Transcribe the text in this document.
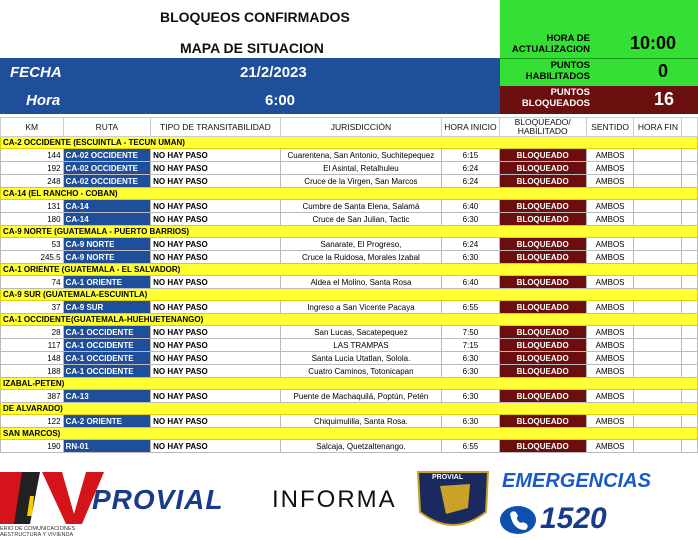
BLOQUEOS CONFIRMADOS
MAPA DE SITUACION
HORA DE ACTUALIZACION 10:00
FECHA	21/2/2023	PUNTOS HABILITADOS	0
Hora	6:00	PUNTOS BLOQUEADOS	16
KM	RUTA	TIPO DE TRANSITABILIDAD	JURISDICCIÓN	HORA INICIO	BLOQUEADO/ HABILITADO	SENTIDO	HORA FIN	
CA-2 OCCIDENTE (ESCUINTLA - TECUN UMAN)								
144	CA-02 OCCIDENTE	NO HAY PASO	Cuarentena, San Antonio, Suchitepequez	6:15	BLOQUEADO	AMBOS		
192	CA-02 OCCIDENTE	NO HAY PASO	El Asintal, Retalhuleu	6:24	BLOQUEADO	AMBOS		
248	CA-02 OCCIDENTE	NO HAY PASO	Cruce de la Virgen, San Marcos	6:24	BLOQUEADO	AMBOS		
CA-14 (EL RANCHO - COBAN)								
131	CA-14	NO HAY PASO	Cumbre de Santa Elena, Salamá	6:40	BLOQUEADO	AMBOS		
180	CA-14	NO HAY PASO	Cruce de San Julian, Tactic	6:30	BLOQUEADO	AMBOS		
CA-9 NORTE (GUATEMALA - PUERTO BARRIOS)								
53	CA-9 NORTE	NO HAY PASO	Sanarate, El Progreso,	6:24	BLOQUEADO	AMBOS		
245.5	CA-9 NORTE	NO HAY PASO	Cruce la Ruidosa, Morales Izabal	6:30	BLOQUEADO	AMBOS		
CA-1 ORIENTE (GUATEMALA - EL SALVADOR)								
74	CA-1 ORIENTE	NO HAY PASO	Aldea el Molino, Santa Rosa	6:40	BLOQUEADO	AMBOS		
CA-9 SUR (GUATEMALA-ESCUINTLA)								
37	CA-9 SUR	NO HAY PASO	Ingreso a San Vicente Pacaya	6:55	BLOQUEADO	AMBOS		
CA-1 OCCIDENTE(GUATEMALA-HUEHUETENANGO)								
28	CA-1 OCCIDENTE	NO HAY PASO	San Lucas, Sacatepequez	7:50	BLOQUEADO	AMBOS		
117	CA-1 OCCIDENTE	NO HAY PASO	LAS TRAMPAS	7:15	BLOQUEADO	AMBOS		
148	CA-1 OCCIDENTE	NO HAY PASO	Santa Lucia Utatlan, Solola.	6:30	BLOQUEADO	AMBOS		
188	CA-1 OCCIDENTE	NO HAY PASO	Cuatro Caminos, Totonicapan	6:30	BLOQUEADO	AMBOS		
IZABAL-PETEN)								
387	CA-13	NO HAY PASO	Puente de Machaquilá, Poptún, Petén	6:30	BLOQUEADO	AMBOS		
DE ALVARADO)								
122	CA-2 ORIENTE	NO HAY PASO	Chiquimulilla, Santa Rosa.	6:30	BLOQUEADO	AMBOS		
SAN MARCOS)								
190	RN-01	NO HAY PASO	Salcaja, Quetzaltenango.	6:55	BLOQUEADO	AMBOS		
ERIO DE COMUNICACIONES
AESTRUCTURA Y VIVIENDA
PROVIAL INFORMA
PROVIAL EMERGENCIAS
1520
